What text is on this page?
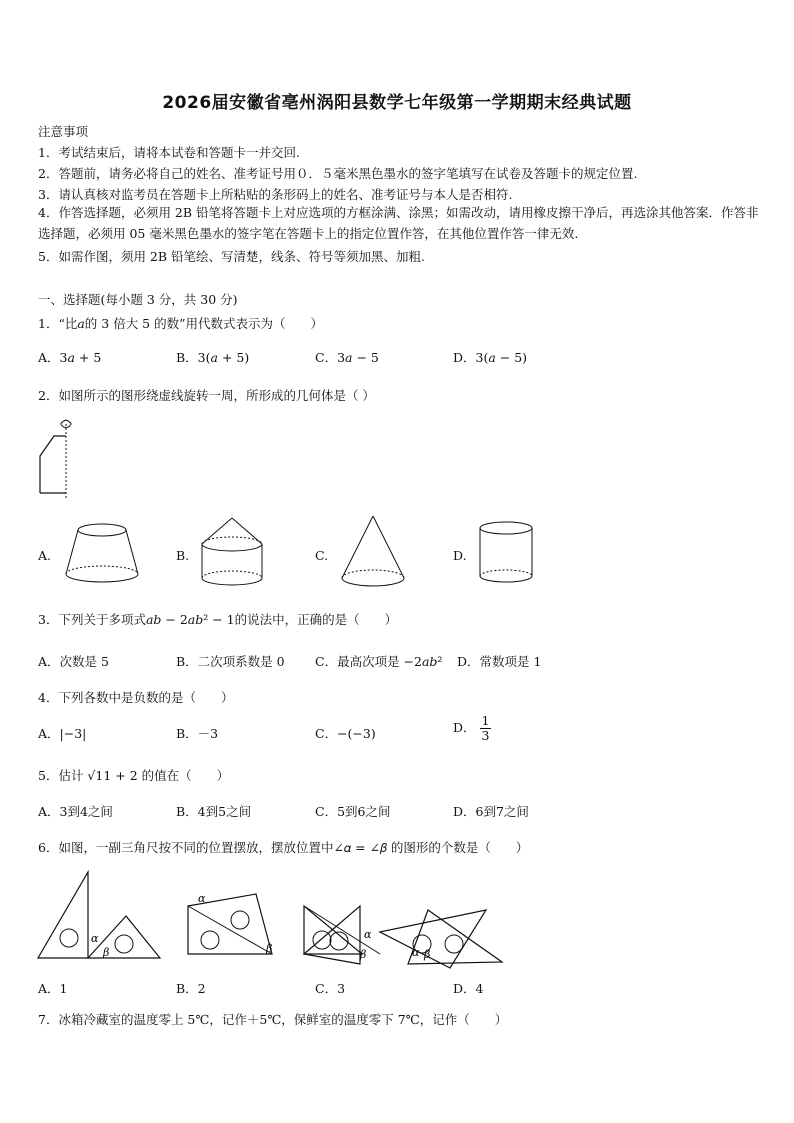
2026届安徽省亳州涡阳县数学七年级第一学期期末经典试题
注意事项
1．考试结束后，请将本试卷和答题卡一并交回.
2．答题前，请务必将自己的姓名、准考证号用０．５毫米黑色墨水的签字笔填写在试卷及答题卡的规定位置.
3．请认真核对监考员在答题卡上所粘贴的条形码上的姓名、准考证号与本人是否相符.
4．作答选择题，必须用 2B 铅笔将答题卡上对应选项的方框涂满、涂黑；如需改动，请用橡皮擦干净后，再选涂其他答案．作答非选择题，必须用 05 毫米黑色墨水的签字笔在答题卡上的指定位置作答，在其他位置作答一律无效.
5．如需作图，须用 2B 铅笔绘、写清楚，线条、符号等须加黑、加粗.
一、选择题(每小题 3 分，共 30 分)
1．“比𝑎的 3 倍大 5 的数”用代数式表示为（　　）
A．3𝑎 + 5	B．3(𝑎 + 5)	C．3𝑎 − 5	D．3(𝑎 − 5)
2．如图所示的图形绕虚线旋转一周，所形成的几何体是（ ）
A.	B.	C.	D.
3．下列关于多项式𝑎𝑏 − 2𝑎𝑏² − 1的说法中，正确的是（　　）
A．次数是 5	B．二次项系数是 0 C．最高次项是 −2𝑎𝑏² D．常数项是 1
4．下列各数中是负数的是（　　）
A．|−3|	B．－3	C．−(−3)	D． $\frac{1}{3}$
5．估计 √11 + 2 的值在（　　）
A．3到4之间	B．4到5之间	C．5到6之间	D．6到7之间
6．如图，一副三角尺按不同的位置摆放，摆放位置中∠𝛼 = ∠𝛽 的图形的个数是（　　）
α
β
α
β
α
β	α β
A．1	B．2	C．3	D．4
7．冰箱冷藏室的温度零上 5℃，记作＋5℃，保鲜室的温度零下 7℃，记作（　　）
